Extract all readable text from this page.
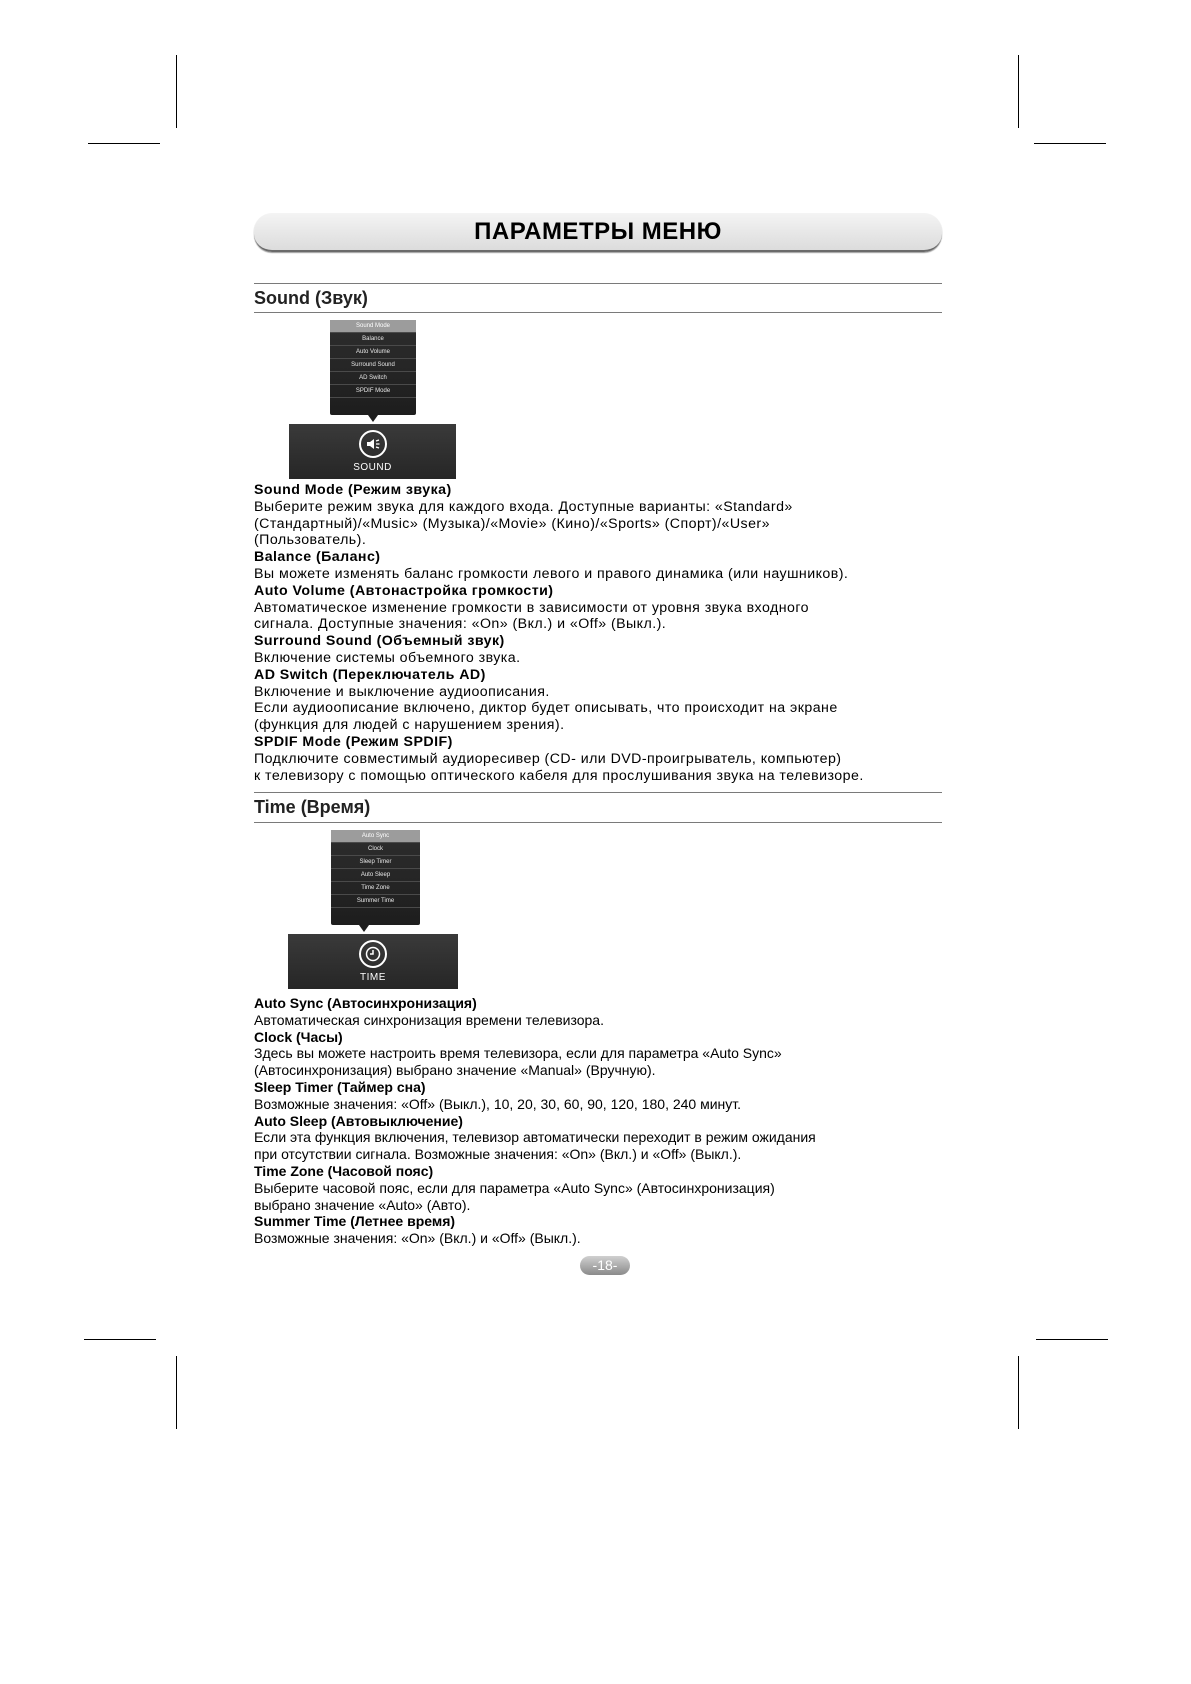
ПАРАМЕТРЫ МЕНЮ
Sound (Звук)
Sound Mode
Balance
Auto Volume
Surround Sound
AD Switch
SPDIF Mode
SOUND
Sound Mode (Режим звука)
Выберите режим звука для каждого входа. Доступные варианты: «Standard»
(Стандартный)/«Music» (Музыка)/«Movie» (Кино)/«Sports» (Спорт)/«User»
(Пользователь).
Balance (Баланс)
Вы можете изменять баланс громкости левого и правого динамика (или наушников).
Auto Volume (Автонастройка громкости)
Автоматическое изменение громкости в зависимости от уровня звука входного
сигнала. Доступные значения: «On» (Вкл.) и «Off» (Выкл.).
Surround Sound (Объемный звук)
Включение системы объемного звука.
AD Switch (Переключатель AD)
Включение и выключение аудиоописания.
Если аудиоописание включено, диктор будет описывать, что происходит на экране
(функция для людей с нарушением зрения).
SPDIF Mode (Режим SPDIF)
Подключите совместимый аудиоресивер (CD- или DVD-проигрыватель, компьютер)
к телевизору с помощью оптического кабеля для прослушивания звука на телевизоре.
Time (Время)
Auto Sync
Clock
Sleep Timer
Auto Sleep
Time Zone
Summer Time
TIME
Auto Sync (Автосинхронизация)
Автоматическая синхронизация времени телевизора.
Clock (Часы)
Здесь вы можете настроить время телевизора, если для параметра «Auto Sync»
(Автосинхронизация) выбрано значение «Manual» (Вручную).
Sleep Timer (Таймер сна)
Возможные значения: «Off» (Выкл.), 10, 20, 30, 60, 90, 120, 180, 240 минут.
Auto Sleep (Автовыключение)
Если эта функция включения, телевизор автоматически переходит в режим ожидания
при отсутствии сигнала. Возможные значения: «On» (Вкл.) и «Off» (Выкл.).
Time Zone (Часовой пояс)
Выберите часовой пояс, если для параметра «Auto Sync» (Автосинхронизация)
выбрано значение «Auto» (Авто).
Summer Time (Летнее время)
Возможные значения: «On» (Вкл.) и «Off» (Выкл.).
-18-
